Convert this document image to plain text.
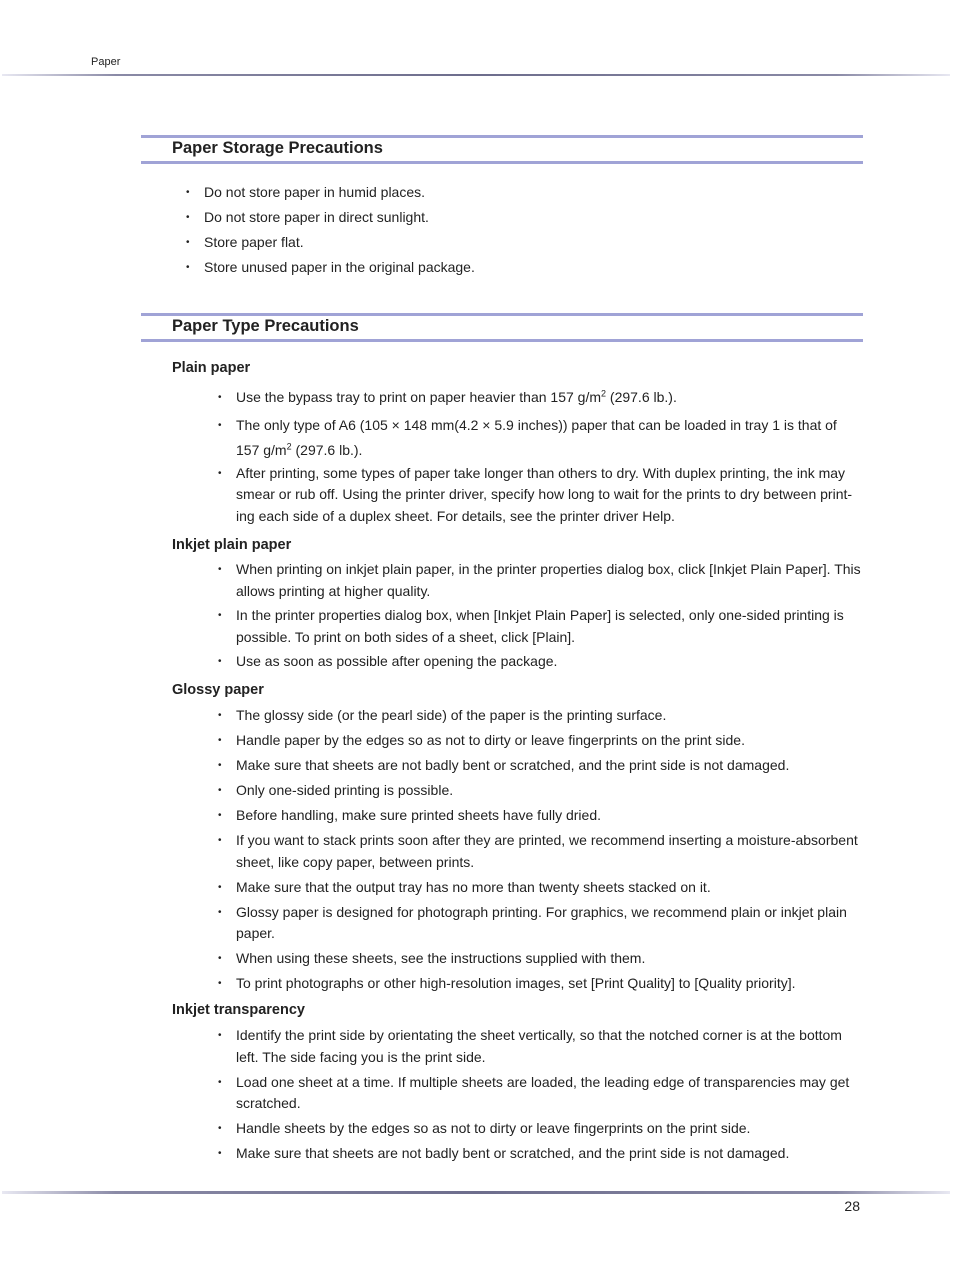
Paper
Paper Storage Precautions
• Do not store paper in humid places.
• Do not store paper in direct sunlight.
• Store paper flat.
• Store unused paper in the original package.
Paper Type Precautions
Plain paper
• Use the bypass tray to print on paper heavier than 157 $g/m^2$ (297.6 lb.).
• The only type of A6 (105 × 148 mm(4.2 × 5.9 inches)) paper that can be loaded in tray 1 is that of 157 $g/m^2$ (297.6 lb.).
• After printing, some types of paper take longer than others to dry. With duplex printing, the ink may smear or rub off. Using the printer driver, specify how long to wait for the prints to dry between print-ing each side of a duplex sheet. For details, see the printer driver Help.
Inkjet plain paper
• When printing on inkjet plain paper, in the printer properties dialog box, click [Inkjet Plain Paper]. This allows printing at higher quality.
• In the printer properties dialog box, when [Inkjet Plain Paper] is selected, only one-sided printing is possible. To print on both sides of a sheet, click [Plain].
• Use as soon as possible after opening the package.
Glossy paper
• The glossy side (or the pearl side) of the paper is the printing surface.
• Handle paper by the edges so as not to dirty or leave fingerprints on the print side.
• Make sure that sheets are not badly bent or scratched, and the print side is not damaged.
• Only one-sided printing is possible.
• Before handling, make sure printed sheets have fully dried.
• If you want to stack prints soon after they are printed, we recommend inserting a moisture-absorbent sheet, like copy paper, between prints.
• Make sure that the output tray has no more than twenty sheets stacked on it.
• Glossy paper is designed for photograph printing. For graphics, we recommend plain or inkjet plain paper.
• When using these sheets, see the instructions supplied with them.
• To print photographs or other high-resolution images, set [Print Quality] to [Quality priority].
Inkjet transparency
• Identify the print side by orientating the sheet vertically, so that the notched corner is at the bottom left. The side facing you is the print side.
• Load one sheet at a time. If multiple sheets are loaded, the leading edge of transparencies may get scratched.
• Handle sheets by the edges so as not to dirty or leave fingerprints on the print side.
• Make sure that sheets are not badly bent or scratched, and the print side is not damaged.
28
